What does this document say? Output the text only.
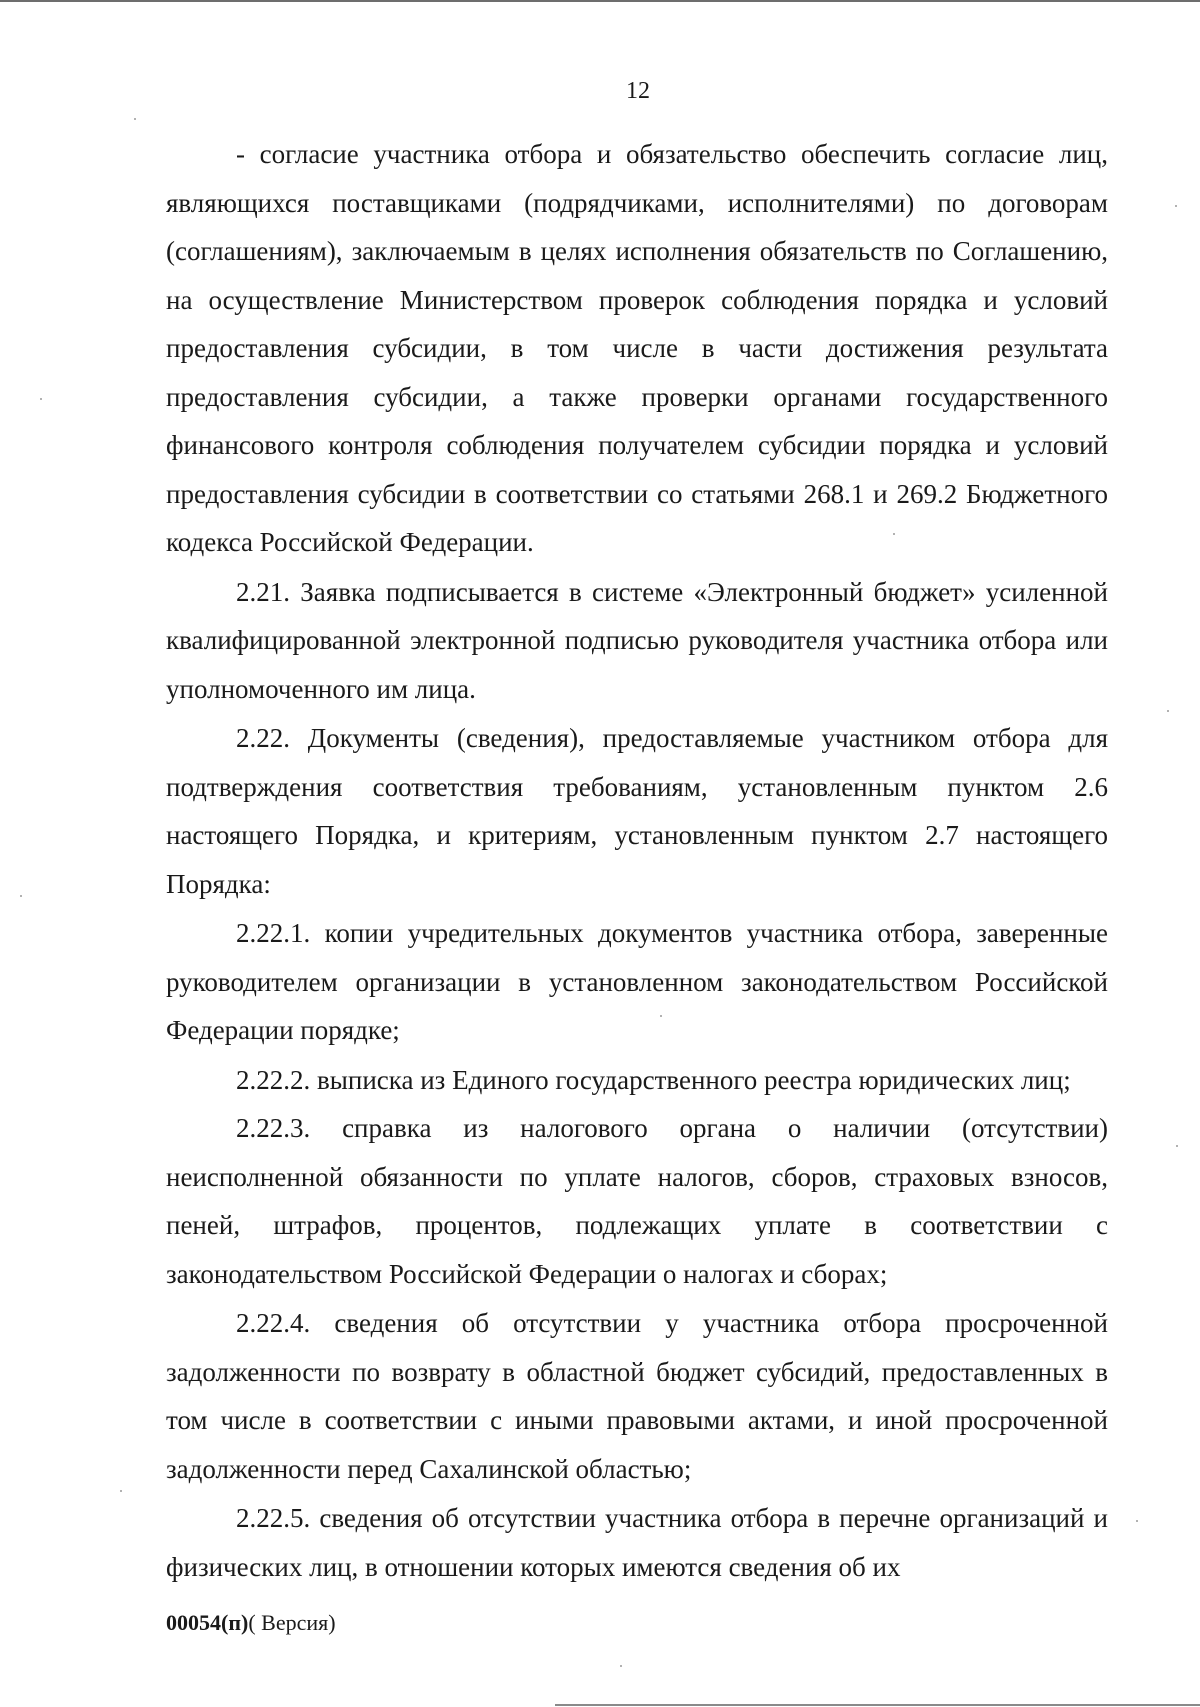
12

- согласие участника отбора и обязательство обеспечить согласие лиц, являющихся поставщиками (подрядчиками, исполнителями) по договорам (соглашениям), заключаемым в целях исполнения обязательств по Соглашению, на осуществление Министерством проверок соблюдения порядка и условий предоставления субсидии, в том числе в части достижения результата предоставления субсидии, а также проверки органами государственного финансового контроля соблюдения получателем субсидии порядка и условий предоставления субсидии в соответствии со статьями 268.1 и 269.2 Бюджетного кодекса Российской Федерации.

2.21. Заявка подписывается в системе «Электронный бюджет» усиленной квалифицированной электронной подписью руководителя участника отбора или уполномоченного им лица.

2.22. Документы (сведения), предоставляемые участником отбора для подтверждения соответствия требованиям, установленным пунктом 2.6 настоящего Порядка, и критериям, установленным пунктом 2.7 настоящего Порядка:

2.22.1. копии учредительных документов участника отбора, заверенные руководителем организации в установленном законодательством Российской Федерации порядке;

2.22.2. выписка из Единого государственного реестра юридических лиц;

2.22.3. справка из налогового органа о наличии (отсутствии) неисполненной обязанности по уплате налогов, сборов, страховых взносов, пеней, штрафов, процентов, подлежащих уплате в соответствии с законодательством Российской Федерации о налогах и сборах;

2.22.4. сведения об отсутствии у участника отбора просроченной задолженности по возврату в областной бюджет субсидий, предоставленных в том числе в соответствии с иными правовыми актами, и иной просроченной задолженности перед Сахалинской областью;

2.22.5. сведения об отсутствии участника отбора в перечне организаций и физических лиц, в отношении которых имеются сведения об их

00054(п)( Версия)
